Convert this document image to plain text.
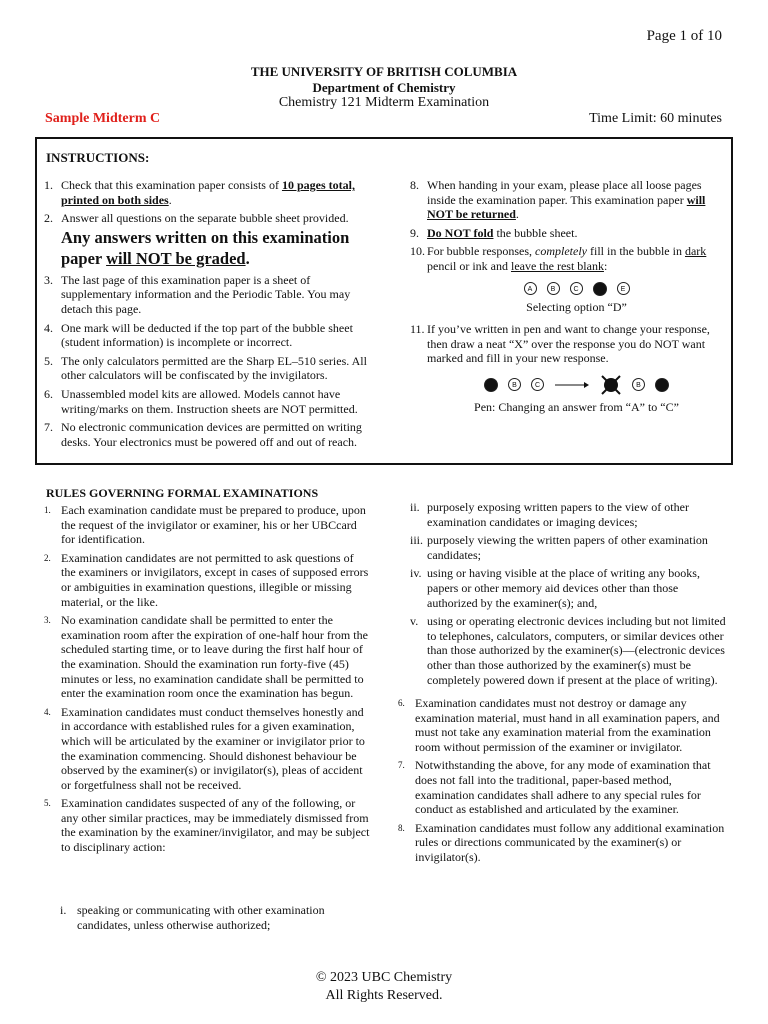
Page 1 of 10
THE UNIVERSITY OF BRITISH COLUMBIA
Department of Chemistry
Chemistry 121 Midterm Examination
Sample Midterm C	Time Limit: 60 minutes
INSTRUCTIONS:
1. Check that this examination paper consists of 10 pages total, printed on both sides.
2. Answer all questions on the separate bubble sheet provided.
Any answers written on this examination paper will NOT be graded.
3. The last page of this examination paper is a sheet of supplementary information and the Periodic Table. You may detach this page.
4. One mark will be deducted if the top part of the bubble sheet (student information) is incomplete or incorrect.
5. The only calculators permitted are the Sharp EL–510 series. All other calculators will be confiscated by the invigilators.
6. Unassembled model kits are allowed. Models cannot have writing/marks on them. Instruction sheets are NOT permitted.
7. No electronic communication devices are permitted on writing desks. Your electronics must be powered off and out of reach.
8. When handing in your exam, please place all loose pages inside the examination paper. This examination paper will NOT be returned.
9. Do NOT fold the bubble sheet.
10. For bubble responses, completely fill in the bubble in dark pencil or ink and leave the rest blank:
A	B	C	E
Selecting option “D”
11. If you’ve written in pen and want to change your response, then draw a neat “X” over the response you do NOT want marked and fill in your new response.
B	C	B
Pen: Changing an answer from “A” to “C”
RULES GOVERNING FORMAL EXAMINATIONS
1. Each examination candidate must be prepared to produce, upon the request of the invigilator or examiner, his or her UBCcard for identification.
2. Examination candidates are not permitted to ask questions of the examiners or invigilators, except in cases of supposed errors or ambiguities in examination questions, illegible or missing material, or the like.
3. No examination candidate shall be permitted to enter the examination room after the expiration of one-half hour from the scheduled starting time, or to leave during the first half hour of the examination. Should the examination run forty-five (45) minutes or less, no examination candidate shall be permitted to enter the examination room once the examination has begun.
4. Examination candidates must conduct themselves honestly and in accordance with established rules for a given examination, which will be articulated by the examiner or invigilator prior to the examination commencing. Should dishonest behaviour be observed by the examiner(s) or invigilator(s), pleas of accident or forgetfulness shall not be received.
5. Examination candidates suspected of any of the following, or any other similar practices, may be immediately dismissed from the examination by the examiner/invigilator, and may be subject to disciplinary action:
i. speaking or communicating with other examination candidates, unless otherwise authorized;
ii. purposely exposing written papers to the view of other examination candidates or imaging devices;
iii. purposely viewing the written papers of other examination candidates;
iv. using or having visible at the place of writing any books, papers or other memory aid devices other than those authorized by the examiner(s); and,
v. using or operating electronic devices including but not limited to telephones, calculators, computers, or similar devices other than those authorized by the examiner(s)—(electronic devices other than those authorized by the examiner(s) must be completely powered down if present at the place of writing).
6. Examination candidates must not destroy or damage any examination material, must hand in all examination papers, and must not take any examination material from the examination room without permission of the examiner or invigilator.
7. Notwithstanding the above, for any mode of examination that does not fall into the traditional, paper-based method, examination candidates shall adhere to any special rules for conduct as established and articulated by the examiner.
8. Examination candidates must follow any additional examination rules or directions communicated by the examiner(s) or invigilator(s).
© 2023 UBC Chemistry
All Rights Reserved.
